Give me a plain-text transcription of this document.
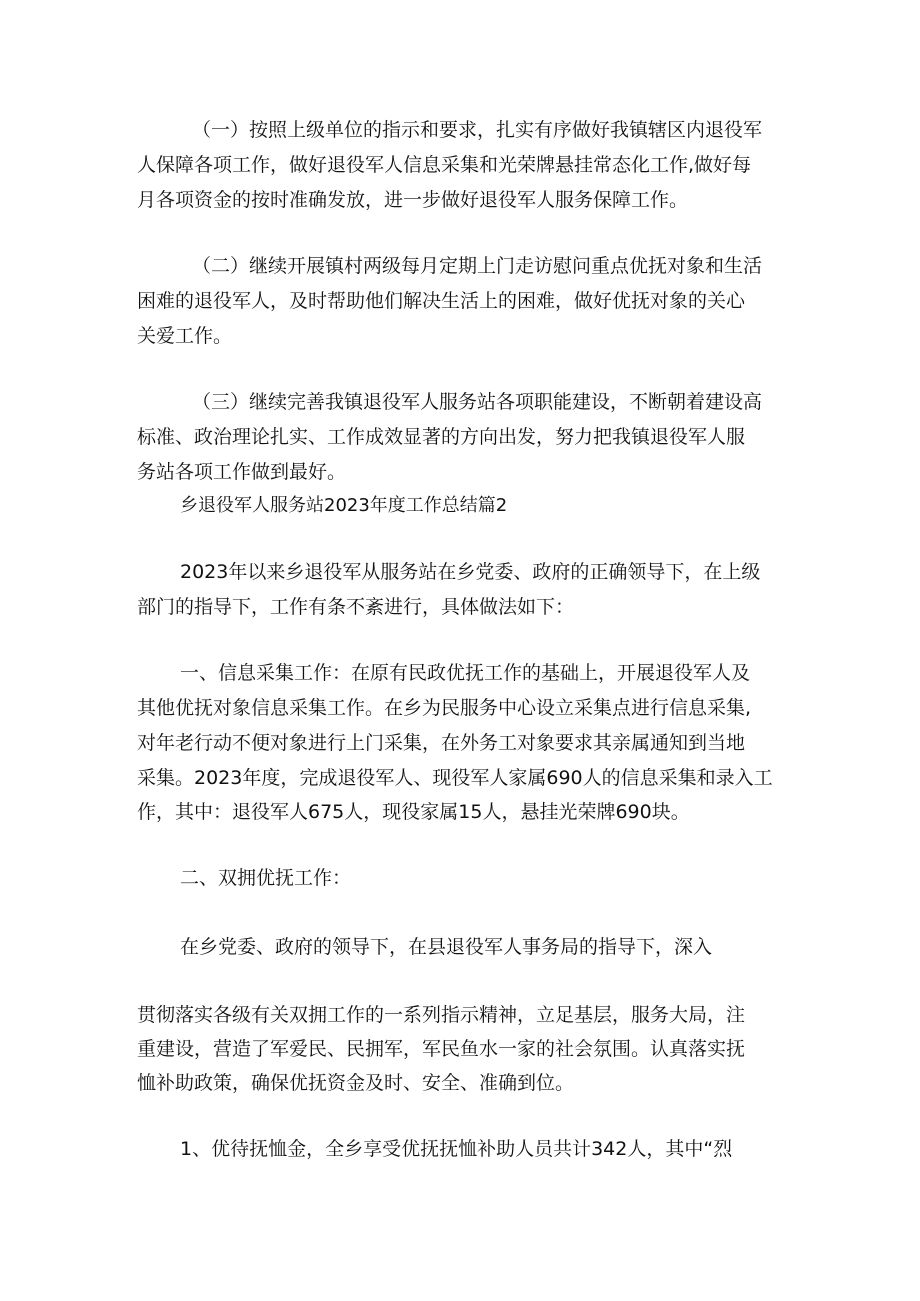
（一）按照上级单位的指示和要求，扎实有序做好我镇辖区内退役军
人保障各项工作，做好退役军人信息采集和光荣牌悬挂常态化工作,做好每
月各项资金的按时准确发放，进一步做好退役军人服务保障工作。
（二）继续开展镇村两级每月定期上门走访慰问重点优抚对象和生活
困难的退役军人，及时帮助他们解决生活上的困难，做好优抚对象的关心
关爱工作。
（三）继续完善我镇退役军人服务站各项职能建设，不断朝着建设高
标准、政治理论扎实、工作成效显著的方向出发，努力把我镇退役军人服
务站各项工作做到最好。
乡退役军人服务站2023年度工作总结篇2
2023年以来乡退役军从服务站在乡党委、政府的正确领导下，在上级
部门的指导下，工作有条不紊进行，具体做法如下：
一、信息采集工作：在原有民政优抚工作的基础上，开展退役军人及
其他优抚对象信息采集工作。在乡为民服务中心设立采集点进行信息采集,
对年老行动不便对象进行上门采集，在外务工对象要求其亲属通知到当地
采集。2023年度，完成退役军人、现役军人家属690人的信息采集和录入工
作，其中：退役军人675人，现役家属15人，悬挂光荣牌690块。
二、双拥优抚工作：
在乡党委、政府的领导下，在县退役军人事务局的指导下，深入
贯彻落实各级有关双拥工作的一系列指示精神，立足基层，服务大局，注
重建设，营造了军爱民、民拥军，军民鱼水一家的社会氛围。认真落实抚
恤补助政策，确保优抚资金及时、安全、准确到位。
1、优待抚恤金，全乡享受优抚抚恤补助人员共计342人，其中“烈
